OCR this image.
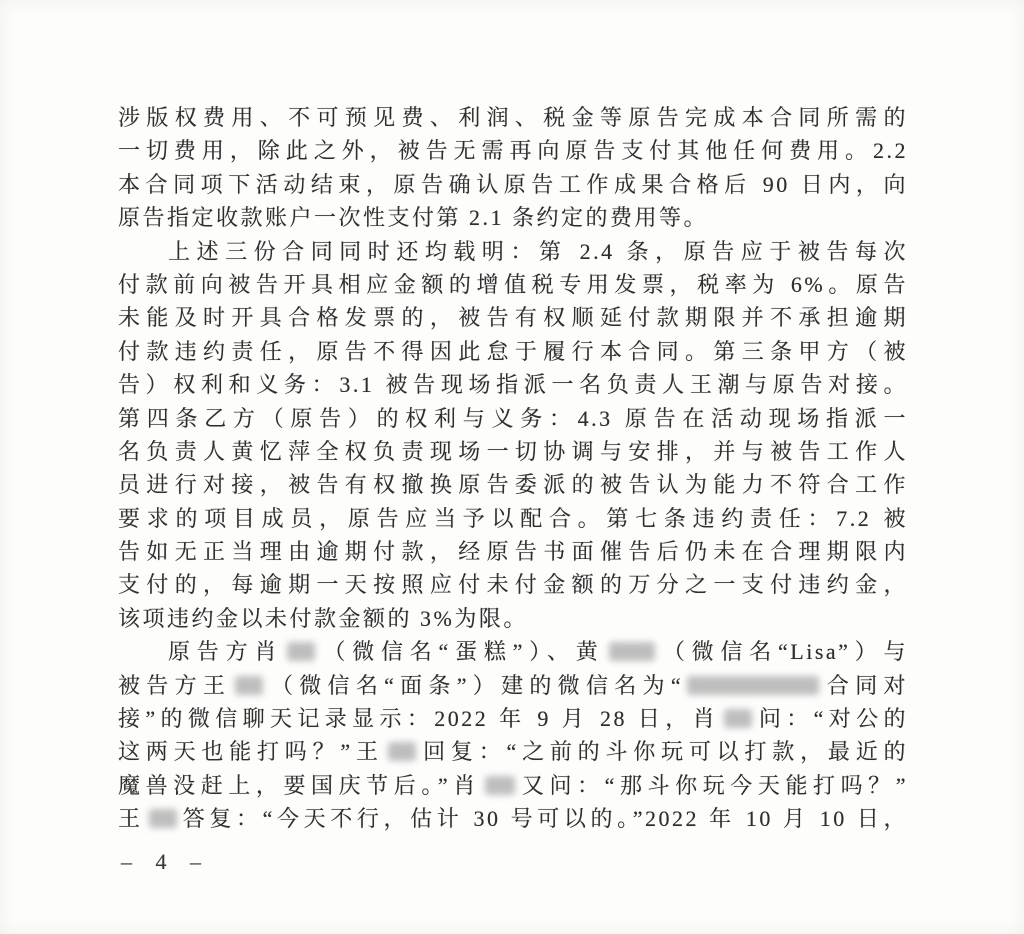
涉版权费用、不可预见费、利润、税金等原告完成本合同所需的
一切费用，除此之外，被告无需再向原告支付其他任何费用。2.2
本合同项下活动结束，原告确认原告工作成果合格后 90 日内，向
原告指定收款账户一次性支付第 2.1 条约定的费用等。
上述三份合同同时还均载明：第 2.4 条，原告应于被告每次
付款前向被告开具相应金额的增值税专用发票，税率为 6%。原告
未能及时开具合格发票的，被告有权顺延付款期限并不承担逾期
付款违约责任，原告不得因此怠于履行本合同。第三条甲方（被
告）权利和义务：3.1 被告现场指派一名负责人王潮与原告对接。
第四条乙方（原告）的权利与义务：4.3 原告在活动现场指派一
名负责人黄忆萍全权负责现场一切协调与安排，并与被告工作人
员进行对接，被告有权撤换原告委派的被告认为能力不符合工作
要求的项目成员，原告应当予以配合。第七条违约责任：7.2 被
告如无正当理由逾期付款，经原告书面催告后仍未在合理期限内
支付的，每逾期一天按照应付未付金额的万分之一支付违约金，
该项违约金以未付款金额的 3%为限。
原告方肖 （微信名“蛋糕”）、黄 （微信名“Lisa”）与
被告方王 （微信名“面条”）建的微信名为“	合同对
接”的微信聊天记录显示：2022 年 9 月 28 日，肖 问：“对公的
这两天也能打吗？”王 回复：“之前的斗你玩可以打款，最近的
魔兽没赶上，要国庆节后。”肖 又问：“那斗你玩今天能打吗？”
王 答复：“今天不行，估计 30 号可以的。”2022 年 10 月 10 日，
– 4 –
